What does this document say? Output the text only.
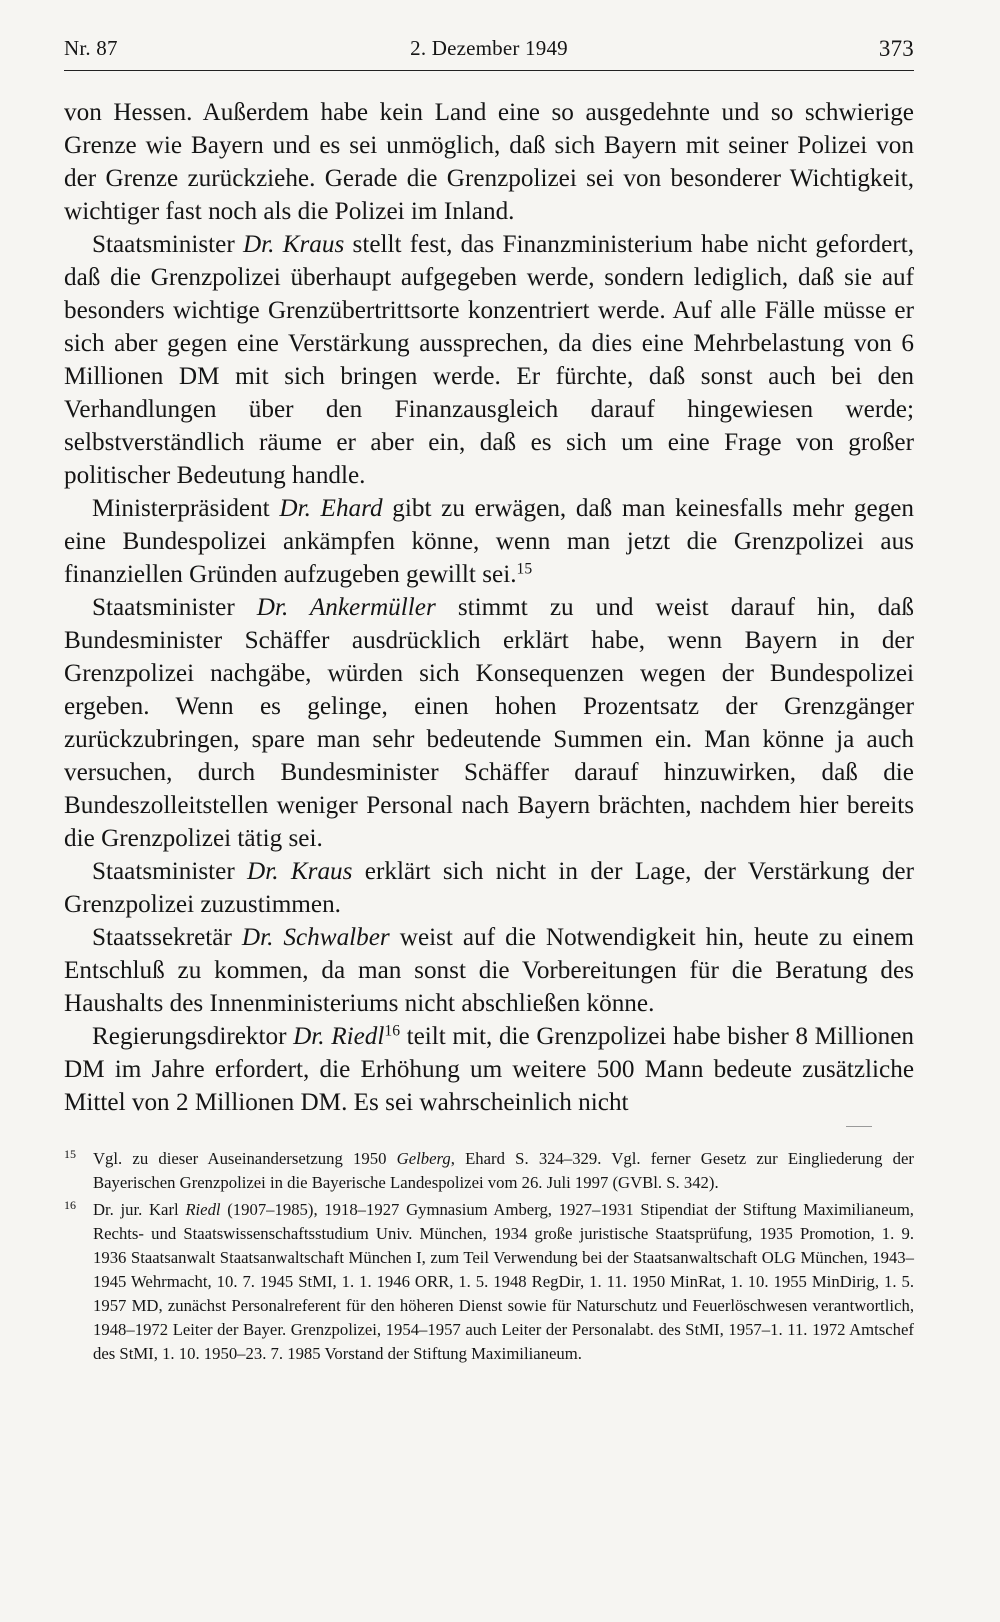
Nr. 87	2. Dezember 1949	373

von Hessen. Außerdem habe kein Land eine so ausgedehnte und so schwierige Grenze wie Bayern und es sei unmöglich, daß sich Bayern mit seiner Polizei von der Grenze zurückziehe. Gerade die Grenzpolizei sei von besonderer Wichtigkeit, wichtiger fast noch als die Polizei im Inland.

Staatsminister Dr. Kraus stellt fest, das Finanzministerium habe nicht gefordert, daß die Grenzpolizei überhaupt aufgegeben werde, sondern lediglich, daß sie auf besonders wichtige Grenzübertrittsorte konzentriert werde. Auf alle Fälle müsse er sich aber gegen eine Verstärkung aussprechen, da dies eine Mehrbelastung von 6 Millionen DM mit sich bringen werde. Er fürchte, daß sonst auch bei den Verhandlungen über den Finanzausgleich darauf hingewiesen werde; selbstverständlich räume er aber ein, daß es sich um eine Frage von großer politischer Bedeutung handle.

Ministerpräsident Dr. Ehard gibt zu erwägen, daß man keinesfalls mehr gegen eine Bundespolizei ankämpfen könne, wenn man jetzt die Grenzpolizei aus finanziellen Gründen aufzugeben gewillt sei.$^{15}$

Staatsminister Dr. Ankermüller stimmt zu und weist darauf hin, daß Bundesminister Schäffer ausdrücklich erklärt habe, wenn Bayern in der Grenzpolizei nachgäbe, würden sich Konsequenzen wegen der Bundespolizei ergeben. Wenn es gelinge, einen hohen Prozentsatz der Grenzgänger zurückzubringen, spare man sehr bedeutende Summen ein. Man könne ja auch versuchen, durch Bundesminister Schäffer darauf hinzuwirken, daß die Bundeszolleitstellen weniger Personal nach Bayern brächten, nachdem hier bereits die Grenzpolizei tätig sei.

Staatsminister Dr. Kraus erklärt sich nicht in der Lage, der Verstärkung der Grenzpolizei zuzustimmen.

Staatssekretär Dr. Schwalber weist auf die Notwendigkeit hin, heute zu einem Entschluß zu kommen, da man sonst die Vorbereitungen für die Beratung des Haushalts des Innenministeriums nicht abschließen könne.

Regierungsdirektor Dr. Riedl$^{16}$ teilt mit, die Grenzpolizei habe bisher 8 Millionen DM im Jahre erfordert, die Erhöhung um weitere 500 Mann bedeute zusätzliche Mittel von 2 Millionen DM. Es sei wahrscheinlich nicht

15 Vgl. zu dieser Auseinandersetzung 1950 Gelberg, Ehard S. 324–329. Vgl. ferner Gesetz zur Eingliederung der Bayerischen Grenzpolizei in die Bayerische Landespolizei vom 26. Juli 1997 (GVBl. S. 342).
16 Dr. jur. Karl Riedl (1907–1985), 1918–1927 Gymnasium Amberg, 1927–1931 Stipendiat der Stiftung Maximilianeum, Rechts- und Staatswissenschaftsstudium Univ. München, 1934 große juristische Staatsprüfung, 1935 Promotion, 1. 9. 1936 Staatsanwalt Staatsanwaltschaft München I, zum Teil Verwendung bei der Staatsanwaltschaft OLG München, 1943–1945 Wehrmacht, 10. 7. 1945 StMI, 1. 1. 1946 ORR, 1. 5. 1948 RegDir, 1. 11. 1950 MinRat, 1. 10. 1955 MinDirig, 1. 5. 1957 MD, zunächst Personalreferent für den höheren Dienst sowie für Naturschutz und Feuerlöschwesen verantwortlich, 1948–1972 Leiter der Bayer. Grenzpolizei, 1954–1957 auch Leiter der Personalabt. des StMI, 1957–1. 11. 1972 Amtschef des StMI, 1. 10. 1950–23. 7. 1985 Vorstand der Stiftung Maximilianeum.
